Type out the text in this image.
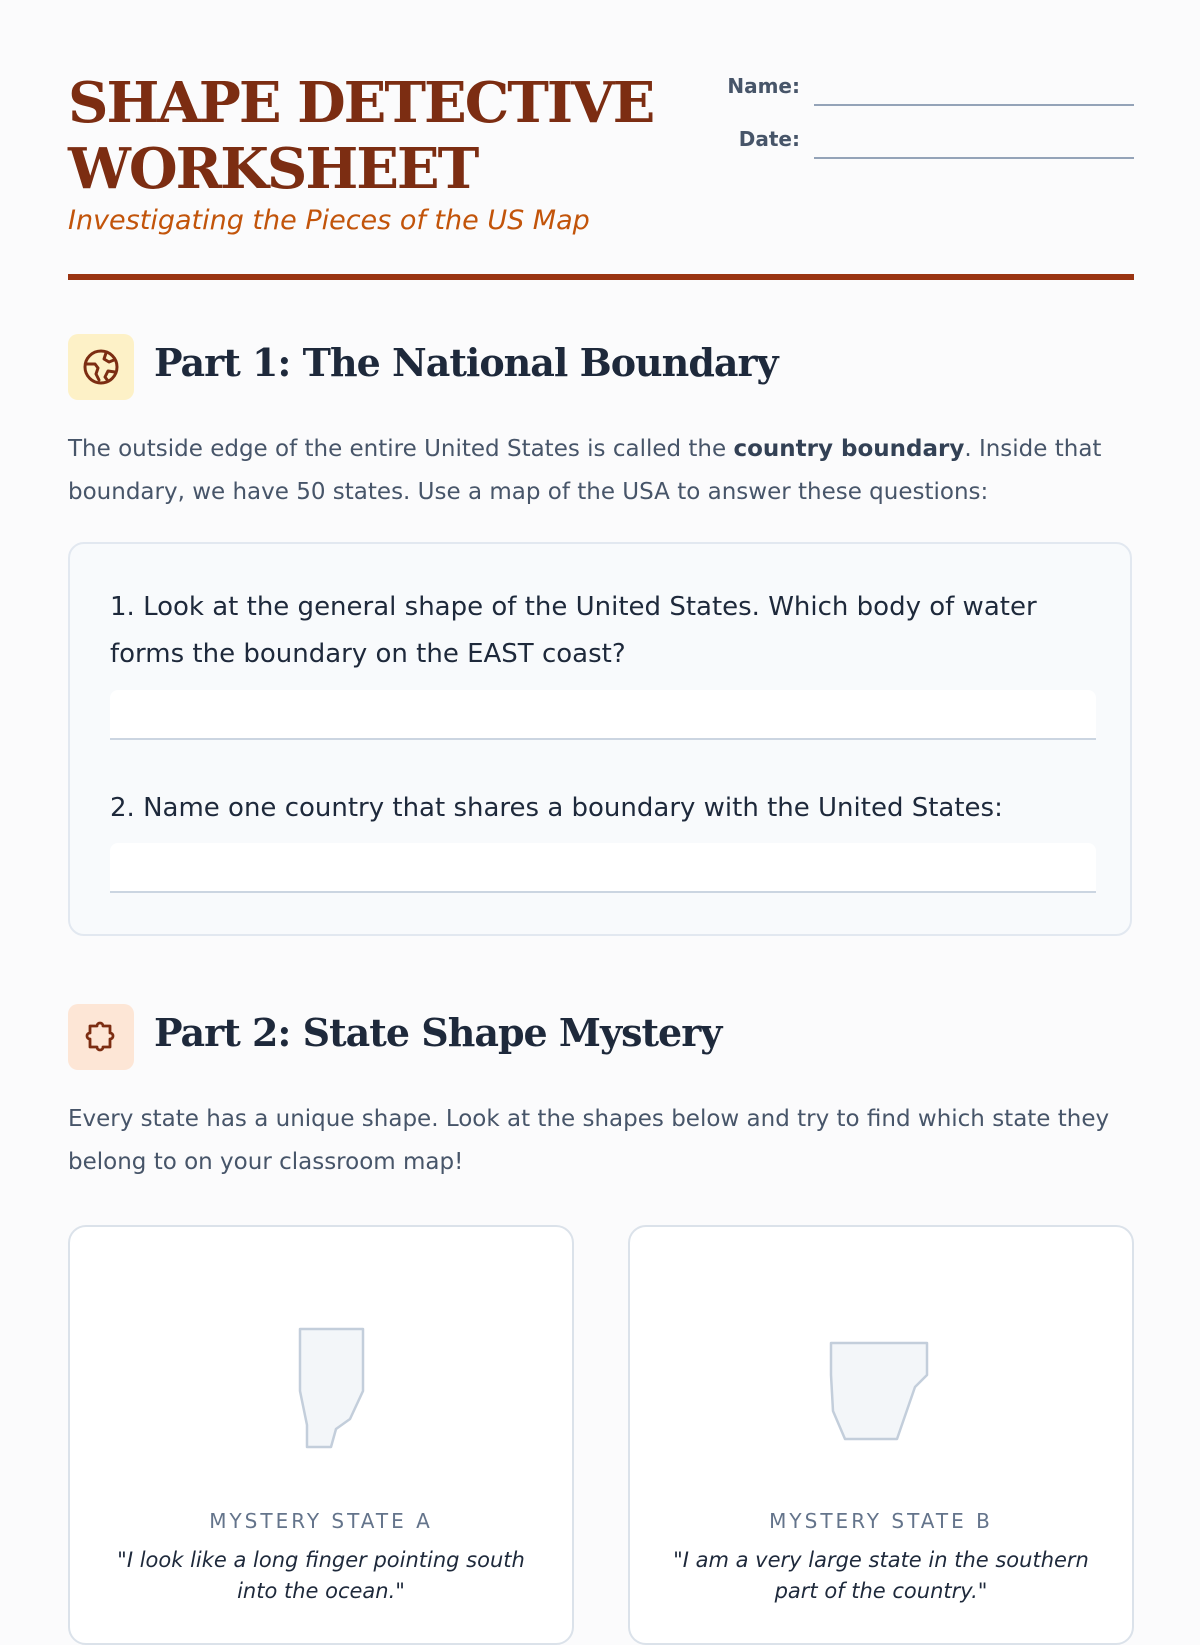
SHAPE DETECTIVE WORKSHEET

Investigating the Pieces of the US Map

Name:
Date:
Part 1: The National Boundary

The outside edge of the entire United States is called the country boundary. Inside that boundary, we have 50 states. Use a map of the USA to answer these questions:

1. Look at the general shape of the United States. Which body of water forms the boundary on the EAST coast?

2. Name one country that shares a boundary with the United States:

Part 2: State Shape Mystery

Every state has a unique shape. Look at the shapes below and try to find which state they belong to on your classroom map!

MYSTERY STATE A
"I look like a long finger pointing south into the ocean."
MYSTERY STATE B
"I am a very large state in the southern part of the country."
